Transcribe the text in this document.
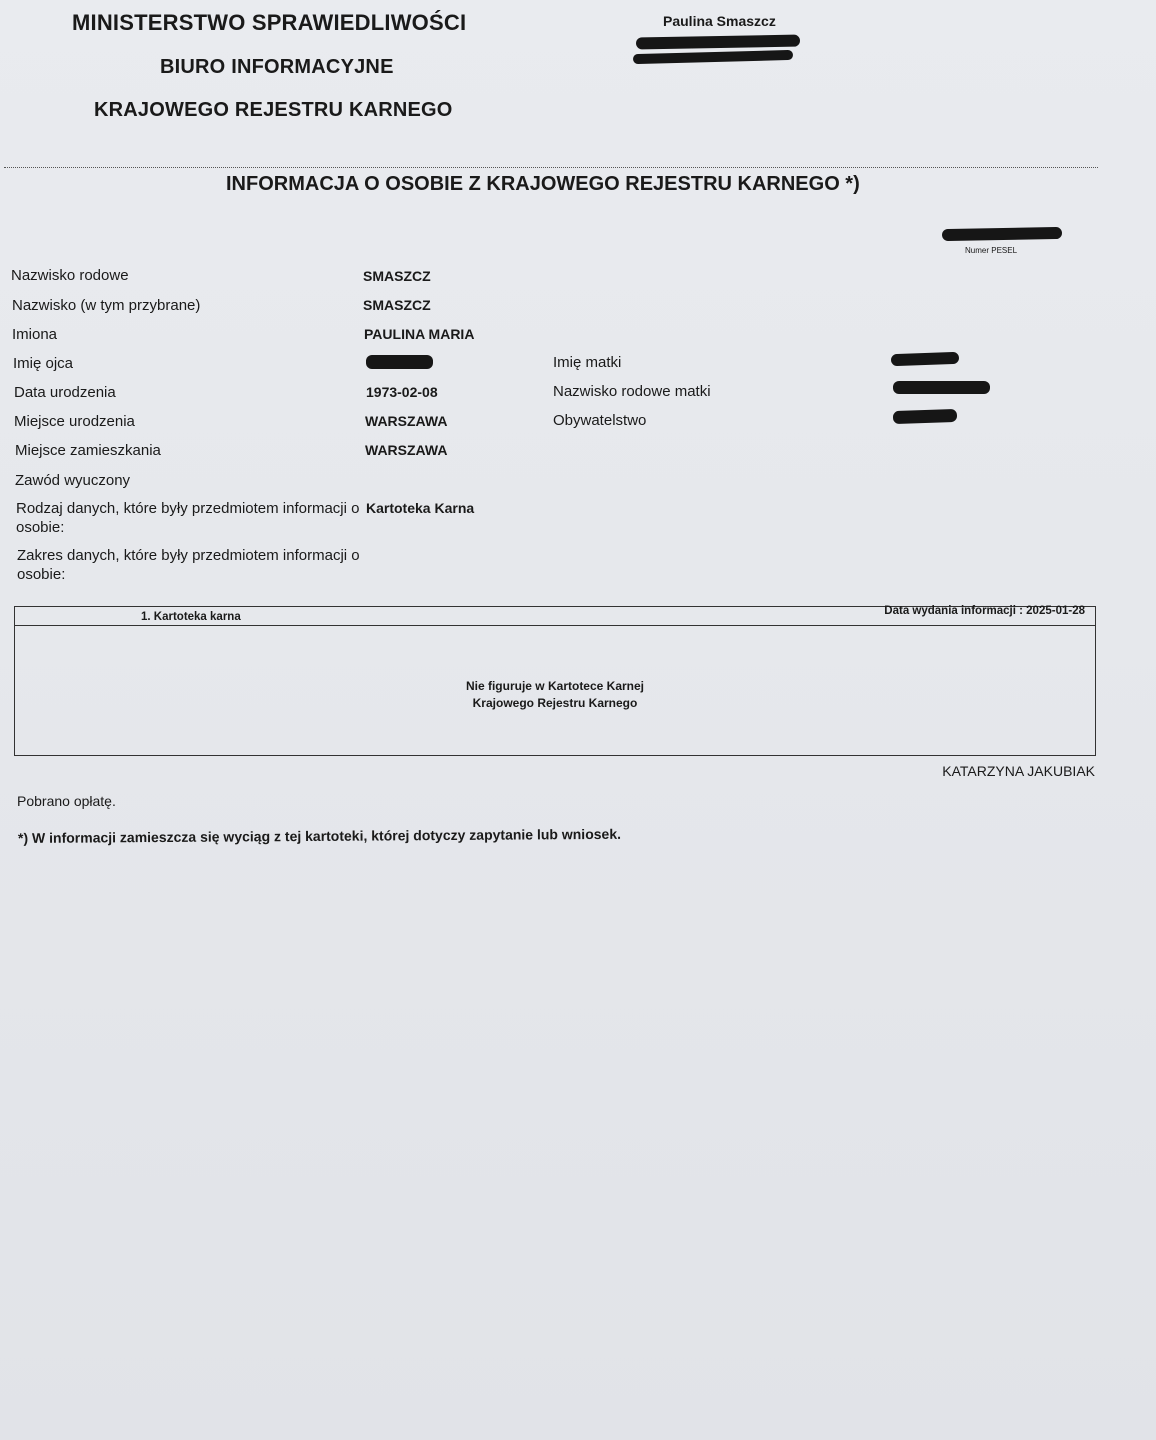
MINISTERSTWO SPRAWIEDLIWOŚCI
BIURO INFORMACYJNE
KRAJOWEGO REJESTRU KARNEGO
Paulina Smaszcz
INFORMACJA O OSOBIE Z KRAJOWEGO REJESTRU KARNEGO *)
Numer PESEL
Nazwisko rodowe
Nazwisko (w tym przybrane)
Imiona
Imię ojca
Data urodzenia
Miejsce urodzenia
Miejsce zamieszkania
Zawód wyuczony
Rodzaj danych, które były przedmiotem informacji o osobie:
Zakres danych, które były przedmiotem informacji o osobie:
SMASZCZ
SMASZCZ
PAULINA MARIA
1973-02-08
WARSZAWA
WARSZAWA
Kartoteka Karna
Imię matki
Nazwisko rodowe matki
Obywatelstwo
1. Kartoteka karna	Data wydania informacji : 2025-01-28
Nie figuruje w Kartotece Karnej
Krajowego Rejestru Karnego
KATARZYNA JAKUBIAK
Pobrano opłatę.
*) W informacji zamieszcza się wyciąg z tej kartoteki, której dotyczy zapytanie lub wniosek.
